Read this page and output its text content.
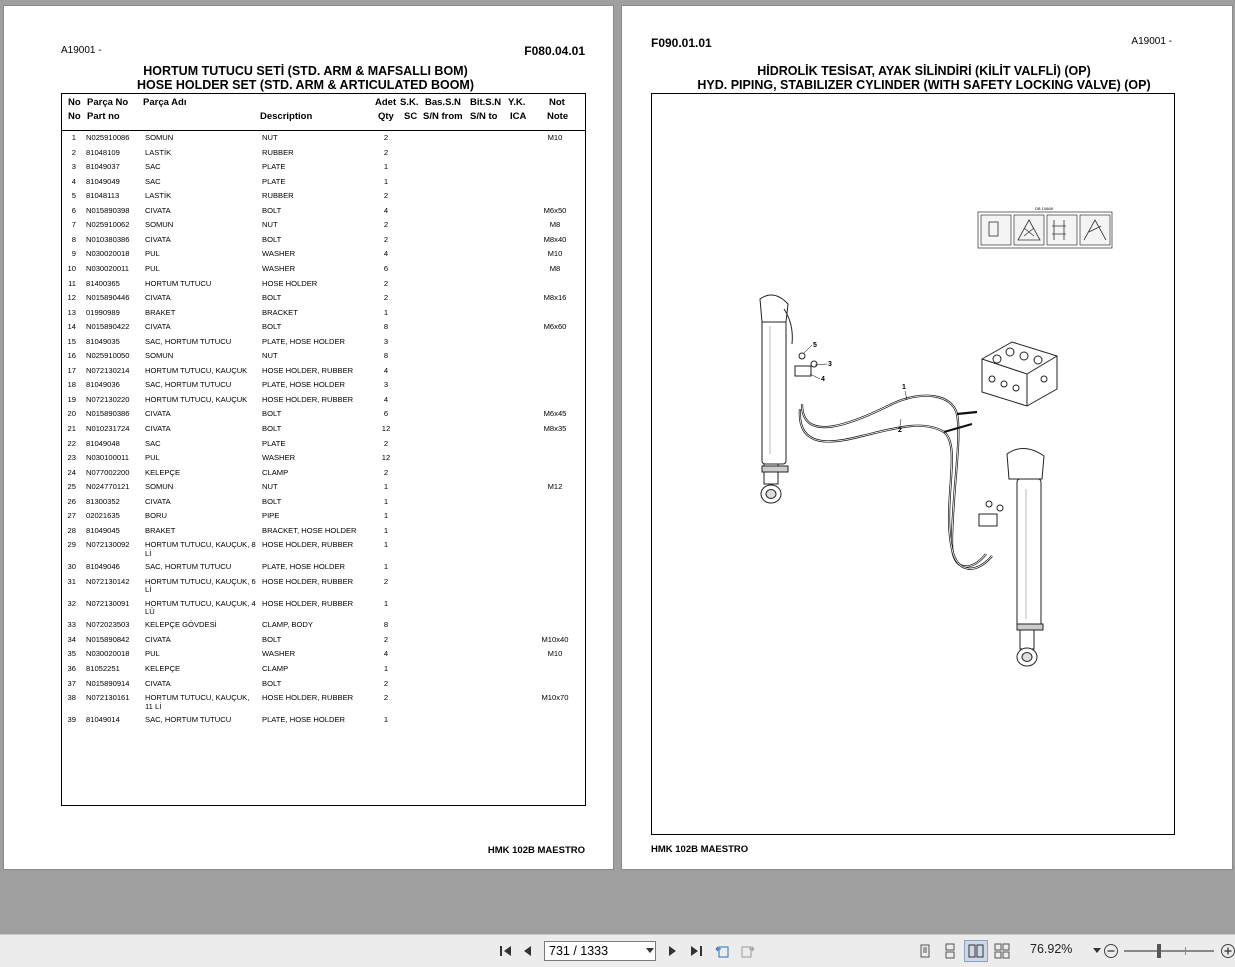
A19001 -	F080.04.01
HORTUM TUTUCU SETİ (STD. ARM & MAFSALLI BOM)
HOSE HOLDER SET (STD. ARM & ARTICULATED BOOM)
No Parça No Parça Adı	Adet S.K. Bas.S.N Bit.S.N Y.K. Not
No Part no	Description	Qty SC S/N from S/N to ICA Note
1 N025910086 SOMUN	NUT	2	M10
2 81048109	LASTİK	RUBBER	2
3 81049037	SAC	PLATE	1
4 81049049	SAC	PLATE	1
5 81048113	LASTİK	RUBBER	2
6 N015890398 CIVATA	BOLT	4	M6x50
7 N025910062 SOMUN	NUT	2	M8
8 N010380386 CIVATA	BOLT	2	M8x40
9 N030020018 PUL	WASHER	4	M10
10 N030020011 PUL	WASHER	6	M8
11 81400365	HORTUM TUTUCU	HOSE HOLDER	2
12 N015890446 CIVATA	BOLT	2	M8x16
13 01990989	BRAKET	BRACKET	1
14 N015890422 CIVATA	BOLT	8	M6x60
15 81049035	SAC, HORTUM TUTUCU	PLATE, HOSE HOLDER	3
16 N025910050 SOMUN	NUT	8
17 N072130214 HORTUM TUTUCU, KAUÇUK	HOSE HOLDER, RUBBER	4
18 81049036	SAC, HORTUM TUTUCU	PLATE, HOSE HOLDER	3
19 N072130220 HORTUM TUTUCU, KAUÇUK	HOSE HOLDER, RUBBER	4
20 N015890386 CIVATA	BOLT	6	M6x45
21 N010231724 CIVATA	BOLT	12	M8x35
22 81049048	SAC	PLATE	2
23 N030100011 PUL	WASHER	12
24 N077002200 KELEPÇE	CLAMP	2
25 N024770121 SOMUN	NUT	1	M12
26 81300352	CIVATA	BOLT	1
27 02021635	BORU	PIPE	1
28 81049045	BRAKET	BRACKET, HOSE HOLDER	1
29 N072130092 HORTUM TUTUCU, KAUÇUK, 8 Lİ
HOSE HOLDER, RUBBER	1
30 81049046	SAC, HORTUM TUTUCU	PLATE, HOSE HOLDER	1
31 N072130142 HORTUM TUTUCU, KAUÇUK, 6 Lİ
HOSE HOLDER, RUBBER	2
32 N072130091 HORTUM TUTUCU, KAUÇUK, 4 LÜ
HOSE HOLDER, RUBBER	1
33 N072023503 KELEPÇE GÖVDESİ	CLAMP, BODY	8
34 N015890842 CIVATA	BOLT	2	M10x40
35 N030020018 PUL	WASHER	4	M10
36 81052251	KELEPÇE	CLAMP	1
37 N015890914 CIVATA	BOLT	2
38 N072130161 HORTUM TUTUCU, KAUÇUK, 11 Lİ
HOSE HOLDER, RUBBER	2	M10x70
39 81049014	SAC, HORTUM TUTUCU	PLATE, HOSE HOLDER	1
HMK 102B MAESTRO
F090.01.01	A19001 -
HİDROLİK TESİSAT, AYAK SİLİNDİRİ (KİLİT VALFLİ) (OP)
HYD. PIPING, STABILIZER CYLINDER (WITH SAFETY LOCKING VALVE) (OP)
DB 10668
1
2
3
4
5
HMK 102B MAESTRO
731 / 1333	76.92%
